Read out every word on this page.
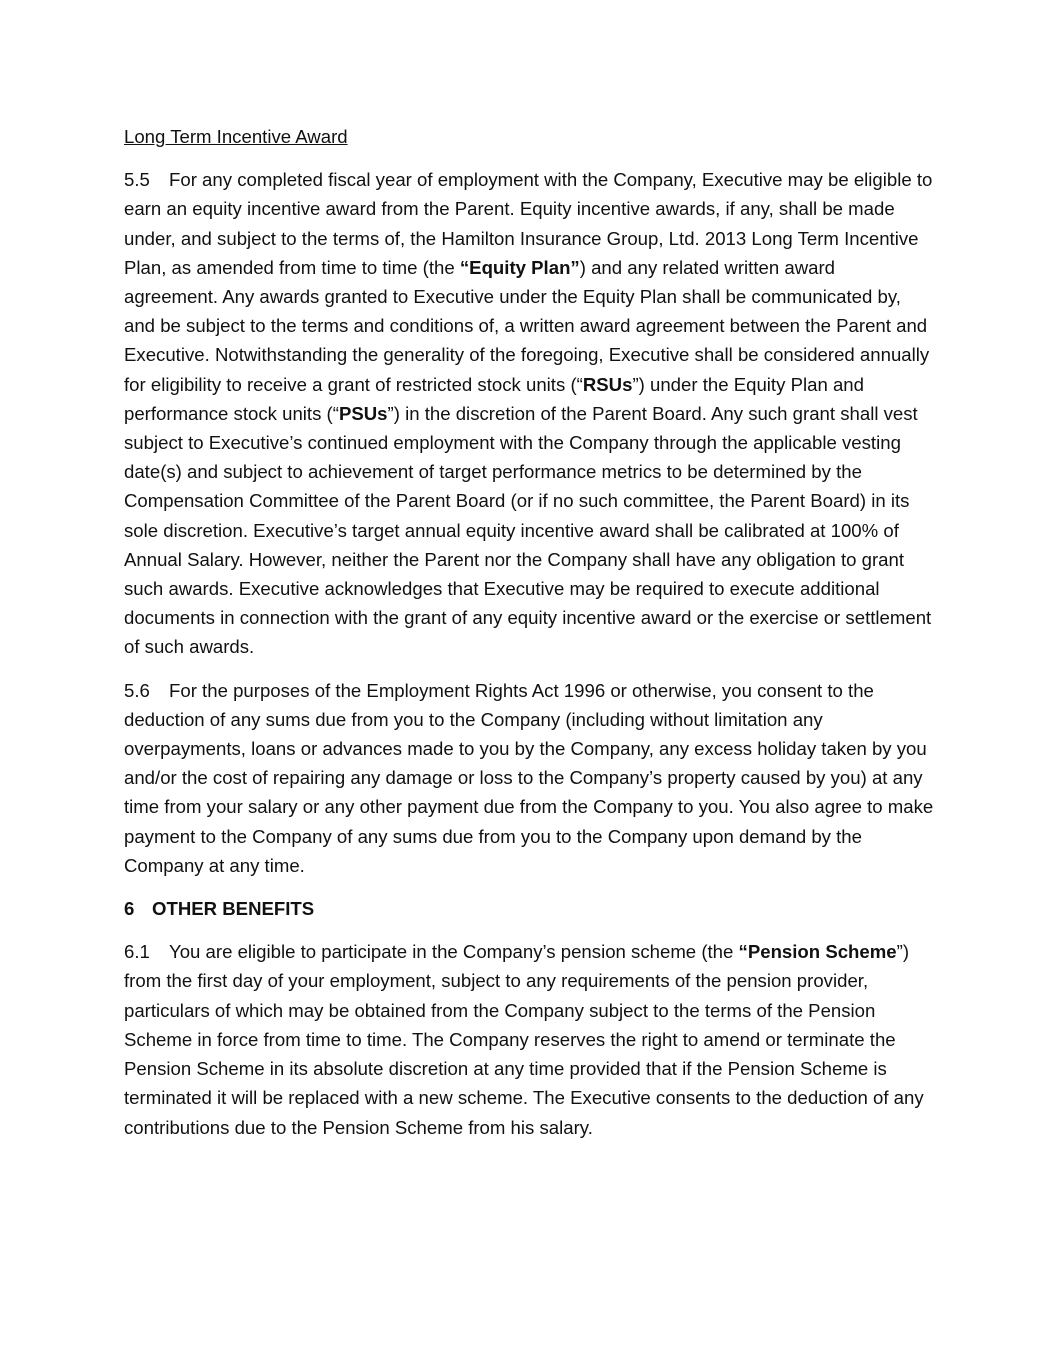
Long Term Incentive Award

5.5 For any completed fiscal year of employment with the Company, Executive may be eligible to earn an equity incentive award from the Parent. Equity incentive awards, if any, shall be made under, and subject to the terms of, the Hamilton Insurance Group, Ltd. 2013 Long Term Incentive Plan, as amended from time to time (the “Equity Plan”) and any related written award agreement. Any awards granted to Executive under the Equity Plan shall be communicated by, and be subject to the terms and conditions of, a written award agreement between the Parent and Executive. Notwithstanding the generality of the foregoing, Executive shall be considered annually for eligibility to receive a grant of restricted stock units (“RSUs”) under the Equity Plan and performance stock units (“PSUs”) in the discretion of the Parent Board. Any such grant shall vest subject to Executive’s continued employment with the Company through the applicable vesting date(s) and subject to achievement of target performance metrics to be determined by the Compensation Committee of the Parent Board (or if no such committee, the Parent Board) in its sole discretion. Executive’s target annual equity incentive award shall be calibrated at 100% of Annual Salary. However, neither the Parent nor the Company shall have any obligation to grant such awards. Executive acknowledges that Executive may be required to execute additional documents in connection with the grant of any equity incentive award or the exercise or settlement of such awards.

5.6 For the purposes of the Employment Rights Act 1996 or otherwise, you consent to the deduction of any sums due from you to the Company (including without limitation any overpayments, loans or advances made to you by the Company, any excess holiday taken by you and/or the cost of repairing any damage or loss to the Company’s property caused by you) at any time from your salary or any other payment due from the Company to you. You also agree to make payment to the Company of any sums due from you to the Company upon demand by the Company at any time.

6 OTHER BENEFITS

6.1 You are eligible to participate in the Company’s pension scheme (the “Pension Scheme”) from the first day of your employment, subject to any requirements of the pension provider, particulars of which may be obtained from the Company subject to the terms of the Pension Scheme in force from time to time. The Company reserves the right to amend or terminate the Pension Scheme in its absolute discretion at any time provided that if the Pension Scheme is terminated it will be replaced with a new scheme. The Executive consents to the deduction of any contributions due to the Pension Scheme from his salary.
